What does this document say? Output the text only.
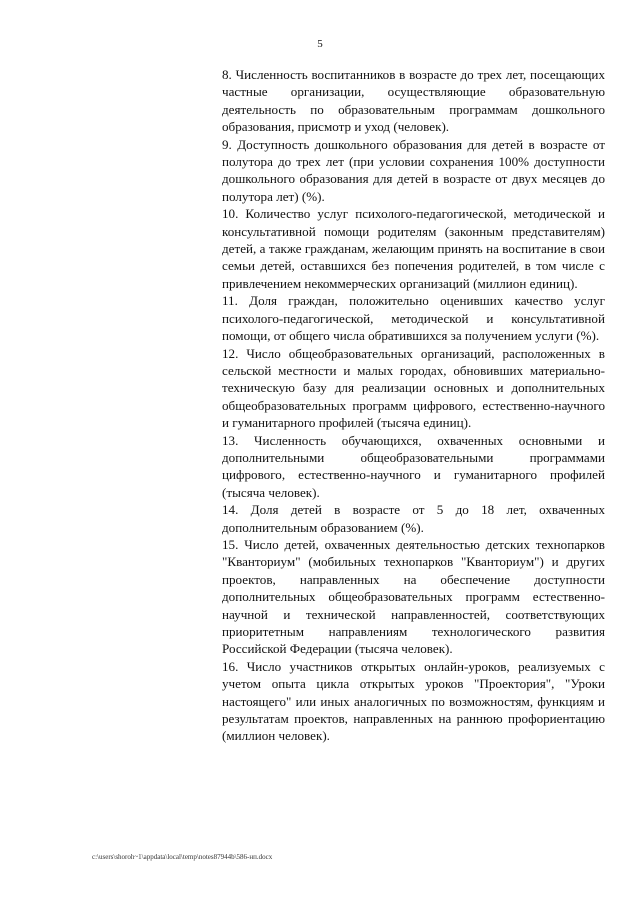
5

8. Численность воспитанников в возрасте до трех лет, посещающих частные организации, осуществляющие образовательную деятельность по образовательным программам дошкольного образования, присмотр и уход (человек).

9. Доступность дошкольного образования для детей в возрасте от полутора до трех лет (при условии сохранения 100% доступности дошкольного образования для детей в возрасте от двух месяцев до полутора лет) (%).

10. Количество услуг психолого-педагогической, методической и консультативной помощи родителям (законным представителям) детей, а также гражданам, желающим принять на воспитание в свои семьи детей, оставшихся без попечения родителей, в том числе с привлечением некоммерческих организаций (миллион единиц).

11. Доля граждан, положительно оценивших качество услуг психолого-педагогической, методической и консультативной помощи, от общего числа обратившихся за получением услуги (%).

12. Число общеобразовательных организаций, расположенных в сельской местности и малых городах, обновивших материально-техническую базу для реализации основных и дополнительных общеобразовательных программ цифрового, естественно-научного и гуманитарного профилей (тысяча единиц).

13. Численность обучающихся, охваченных основными и дополнительными общеобразовательными программами цифрового, естественно-научного и гуманитарного профилей (тысяча человек).

14. Доля детей в возрасте от 5 до 18 лет, охваченных дополнительным образованием (%).

15. Число детей, охваченных деятельностью детских технопарков "Кванториум" (мобильных технопарков "Кванториум") и других проектов, направленных на обеспечение доступности дополнительных общеобразовательных программ естественно-научной и технической направленностей, соответствующих приоритетным направлениям технологического развития Российской Федерации (тысяча человек).

16. Число участников открытых онлайн-уроков, реализуемых с учетом опыта цикла открытых уроков "Проектория", "Уроки настоящего" или иных аналогичных по возможностям, функциям и результатам проектов, направленных на раннюю профориентацию (миллион человек).

c:\users\shoroh~1\appdata\local\temp\notes87944b\586-нп.docx
